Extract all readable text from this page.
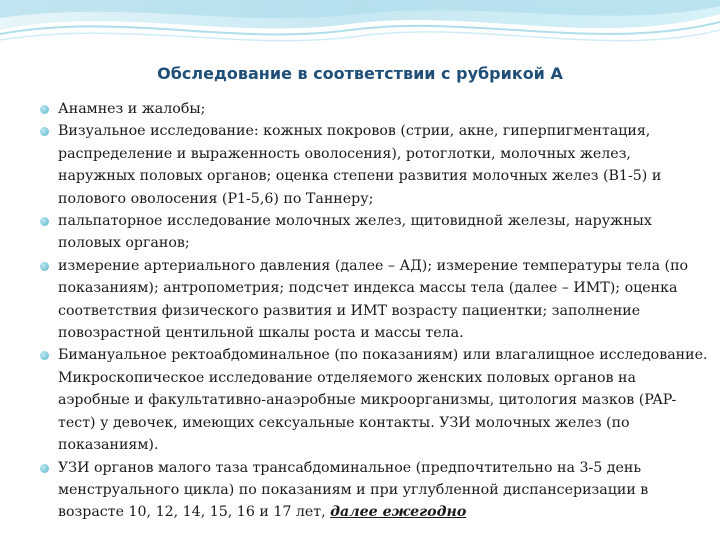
Обследование в соответствии с рубрикой А
Анамнез и жалобы;
Визуальное исследование: кожных покровов (стрии, акне, гиперпигментация, распределение и выраженность оволосения), ротоглотки, молочных желез, наружных половых органов; оценка степени развития молочных желез (B1-5) и полового оволосения (P1-5,6) по Таннеру;
пальпаторное исследование молочных желез, щитовидной железы, наружных половых органов;
измерение артериального давления (далее – АД); измерение температуры тела (по показаниям); антропометрия; подсчет индекса массы тела (далее – ИМТ); оценка соответствия физического развития и ИМТ возрасту пациентки; заполнение повозрастной центильной шкалы роста и массы тела.
Бимануальное ректоабдоминальное (по показаниям) или влагалищное исследование. Микроскопическое исследование отделяемого женских половых органов на аэробные и факультативно-анаэробные микроорганизмы, цитология мазков (PAP-тест) у девочек, имеющих сексуальные контакты. УЗИ молочных желез (по показаниям).
УЗИ органов малого таза трансабдоминальное (предпочтительно на 3-5 день менструального цикла) по показаниям и при углубленной диспансеризации в возрасте 10, 12, 14, 15, 16 и 17 лет, далее ежегодно
